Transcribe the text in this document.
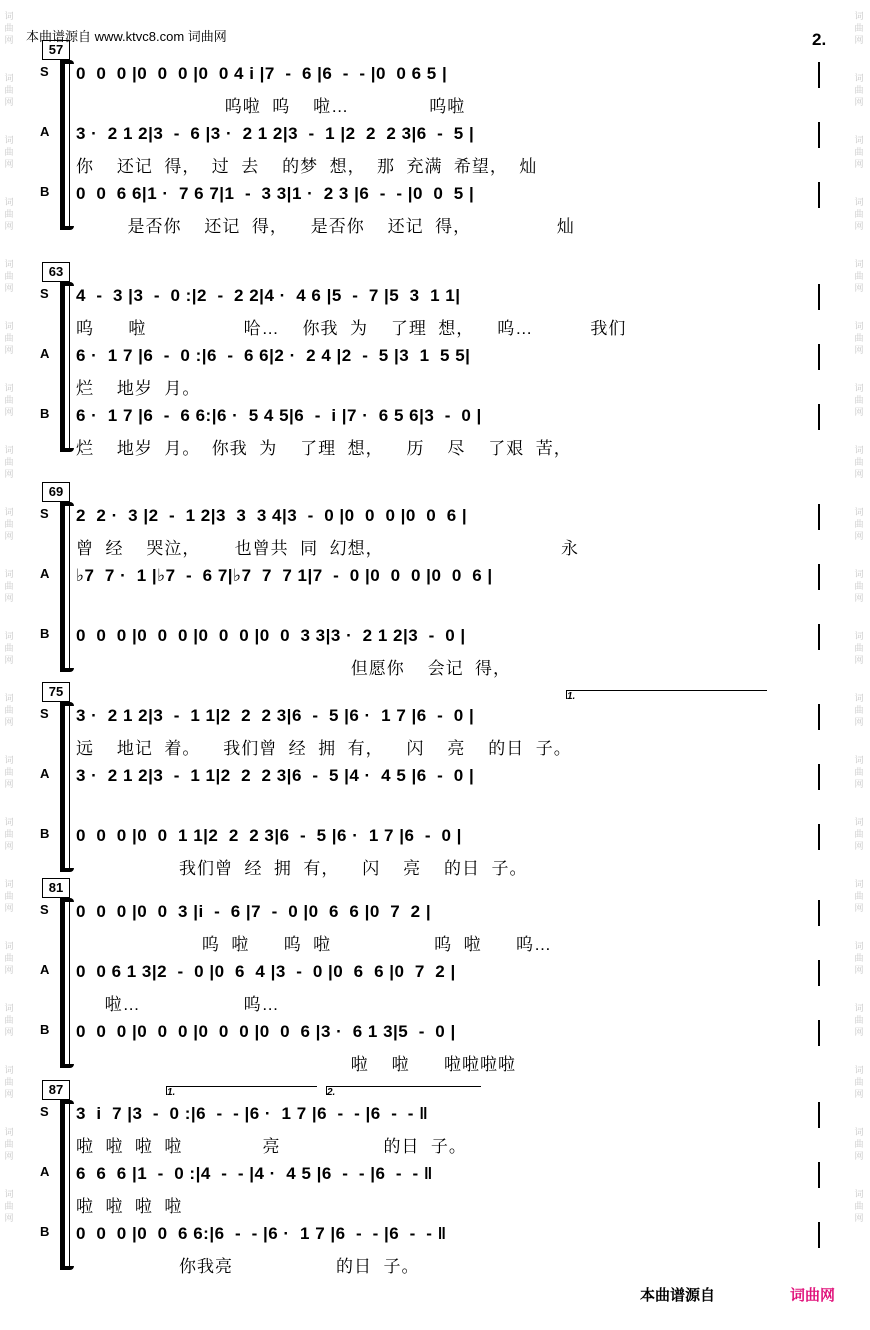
本曲谱源自 www.ktvc8.com 词曲网	2.
词
曲
网
词
曲
网
词
曲
网
词
曲
网
词
曲
网
词
曲
网
词
曲
网
词
曲
网
词
曲
网
词
曲
网
词
曲
网
词
曲
网
词
曲
网
词
曲
网
词
曲
网
词
曲
网
词
曲
网
词
曲
网
词
曲
网
词
曲
网
词
曲
网
词
曲
网
词
曲
网
词
曲
网
词
曲
网
词
曲
网
词
曲
网
词
曲
网
词
曲
网
词
曲
网
词
曲
网
词
曲
网
词
曲
网
词
曲
网
词
曲
网
词
曲
网
词
曲
网
词
曲
网
词
曲
网
词
曲
网
57
S 0  0  0 |0  0  0 |0  0 4 i |7  -  6 |6  -  - |0  0 6 5 |
呜啦  呜    啦…              呜啦
A 3 ·  2 1 2|3  -  6 |3 ·  2 1 2|3  -  1 |2  2  2 3|6  -  5 |
你    还记  得，  过  去    的梦  想，  那  充满  希望，  灿
B 0  0  6 6|1 ·  7 6 7|1  -  3 3|1 ·  2 3 |6  -  - |0  0  5 |
是否你    还记  得，    是否你    还记  得，               灿
63
S 4  -  3 |3  -  0 :|2  -  2 2|4 ·  4 6 |5  -  7 |5  3  1 1|
呜      啦                 哈…    你我  为    了理  想，    呜…          我们
A 6 ·  1 7 |6  -  0 :|6  -  6 6|2 ·  2 4 |2  -  5 |3  1  5 5|
烂    地岁  月。
B 6 ·  1 7 |6  -  6 6:|6 ·  5 4 5|6  -  i |7 ·  6 5 6|3  -  0 |
烂    地岁  月。  你我  为    了理  想，    历    尽    了艰  苦，
69
S 2  2 ·  3 |2  -  1 2|3  3  3 4|3  -  0 |0  0  0 |0  0  6 |
曾  经    哭泣，      也曾共  同  幻想，                               永
A ♭7  7 ·  1 |♭7  -  6 7|♭7  7  7 1|7  -  0 |0  0  0 |0  0  6 |
B 0  0  0 |0  0  0 |0  0  0 |0  0  3 3|3 ·  2 1 2|3  -  0 |
但愿你    会记  得，
75	1.
S 3 ·  2 1 2|3  -  1 1|2  2  2 3|6  -  5 |6 ·  1 7 |6  -  0 |
远    地记  着。    我们曾  经  拥  有，    闪    亮    的日  子。
A 3 ·  2 1 2|3  -  1 1|2  2  2 3|6  -  5 |4 ·  4 5 |6  -  0 |
B 0  0  0 |0  0  1 1|2  2  2 3|6  -  5 |6 ·  1 7 |6  -  0 |
我们曾  经  拥  有，    闪    亮    的日  子。
81
S 0  0  0 |0  0  3 |i  -  6 |7  -  0 |0  6  6 |0  7  2 |
呜  啦      呜  啦                  呜  啦      呜…
A 0  0 6 1 3|2  -  0 |0  6  4 |3  -  0 |0  6  6 |0  7  2 |
啦…                  呜…
B 0  0  0 |0  0  0 |0  0  0 |0  0  6 |3 ·  6 1 3|5  -  0 |
啦    啦      啦啦啦啦
87	1.	2.
S 3  i  7 |3  -  0 :|6  -  - |6 ·  1 7 |6  -  - |6  -  - ‖
啦  啦  啦  啦              亮                  的日  子。
A 6  6  6 |1  -  0 :|4  -  - |4 ·  4 5 |6  -  - |6  -  - ‖
啦  啦  啦  啦
B 0  0  0 |0  0  6 6:|6  -  - |6 ·  1 7 |6  -  - |6  -  - ‖
你我亮                  的日  子。
本曲谱源自	词曲网
